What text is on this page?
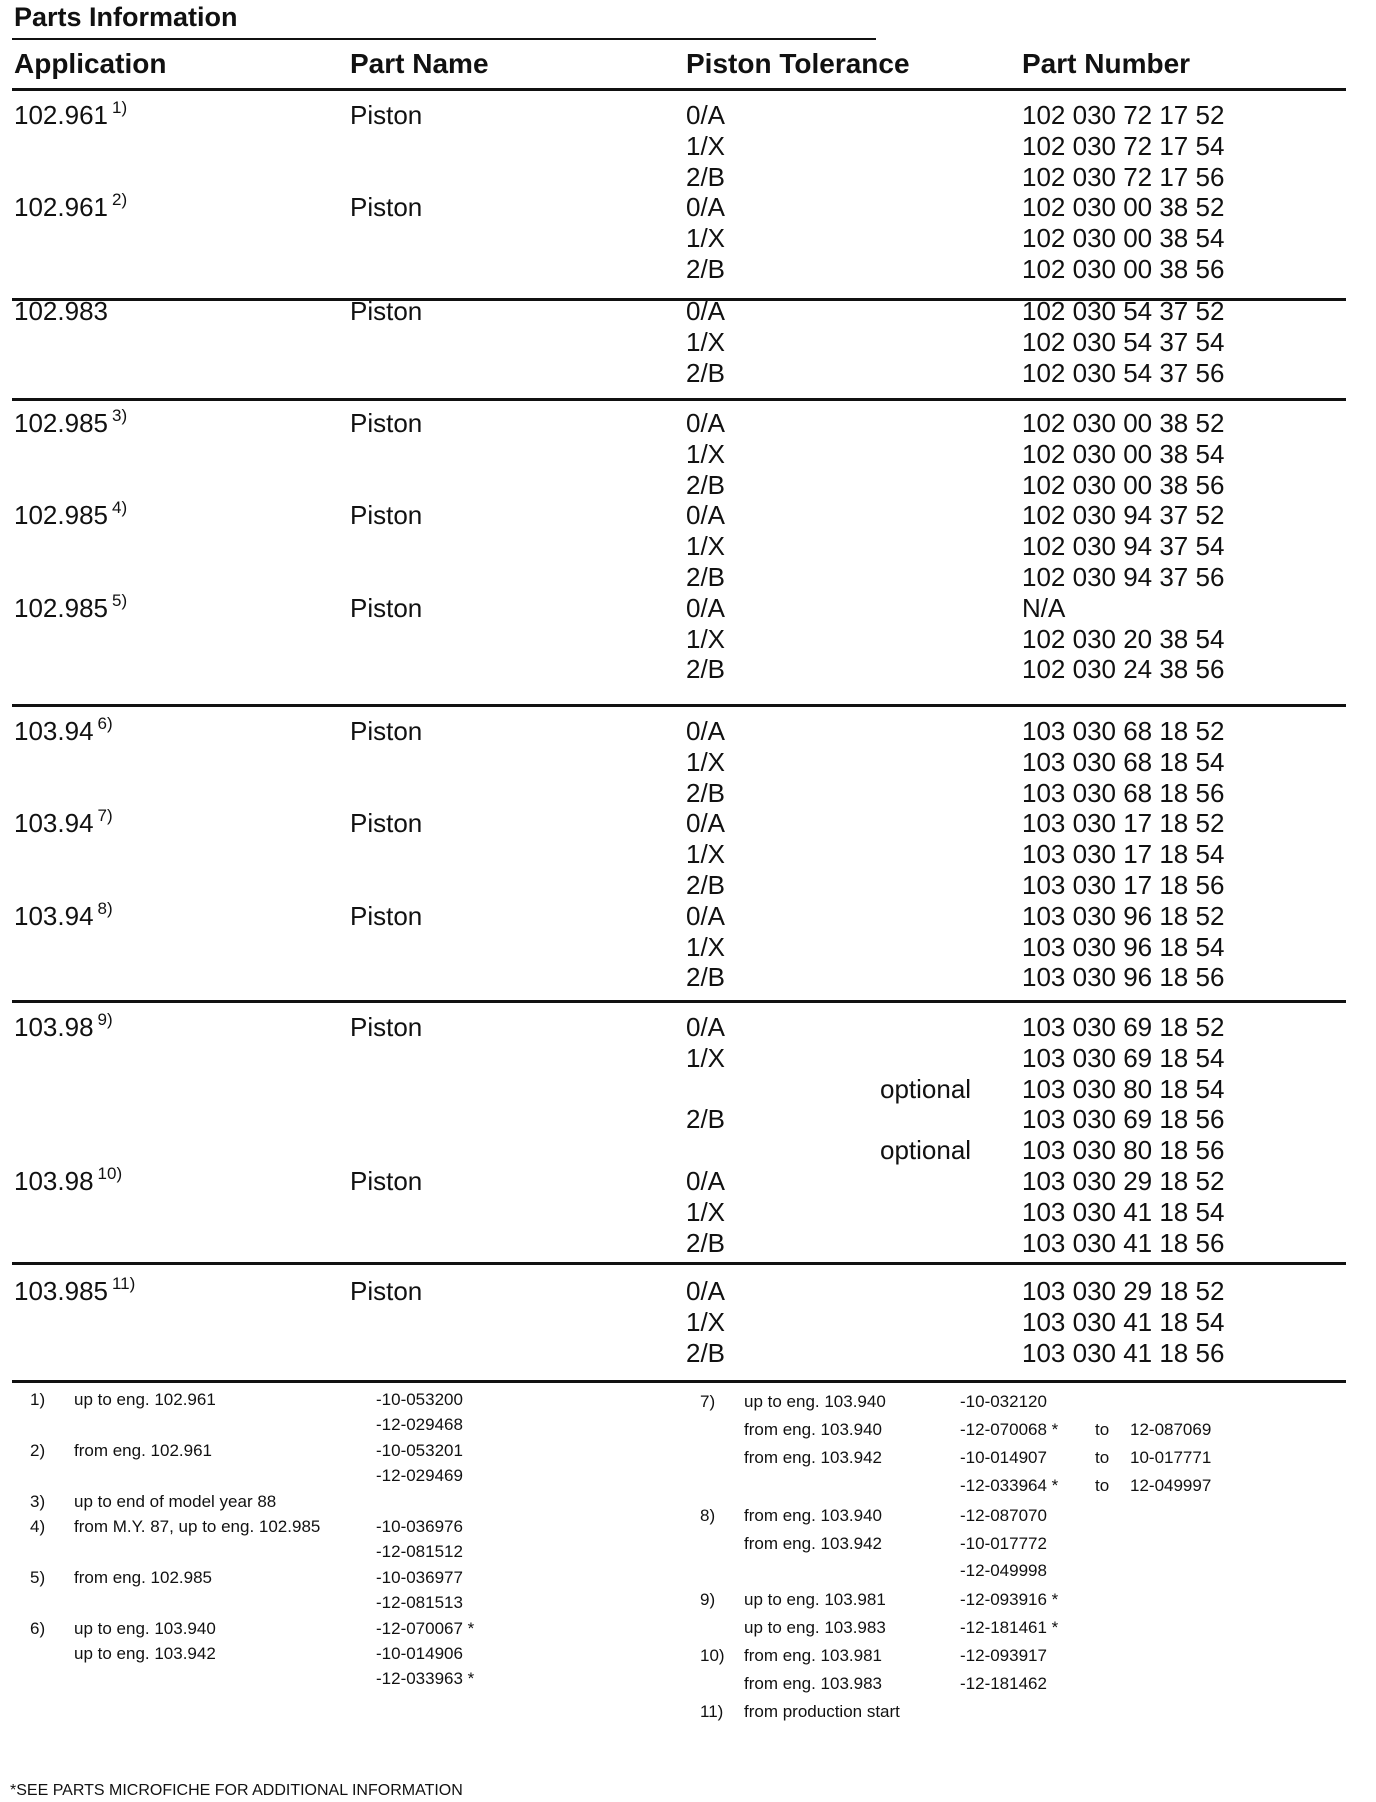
Parts Information
Application	Part Name	Piston Tolerance	Part Number
102.961 $^{1)}$	Piston	0/A	102 030 72 17 52
1/X	102 030 72 17 54
2/B	102 030 72 17 56
102.961 $^{2)}$	Piston	0/A	102 030 00 38 52
1/X	102 030 00 38 54
2/B	102 030 00 38 56
102.983	Piston	0/A	102 030 54 37 52
1/X	102 030 54 37 54
2/B	102 030 54 37 56
102.985 $^{3)}$	Piston	0/A	102 030 00 38 52
1/X	102 030 00 38 54
2/B	102 030 00 38 56
102.985 $^{4)}$	Piston	0/A	102 030 94 37 52
1/X	102 030 94 37 54
2/B	102 030 94 37 56
102.985 $^{5)}$	Piston	0/A	N/A
1/X	102 030 20 38 54
2/B	102 030 24 38 56
103.94 $^{6)}$	Piston	0/A	103 030 68 18 52
1/X	103 030 68 18 54
2/B	103 030 68 18 56
103.94 $^{7)}$	Piston	0/A	103 030 17 18 52
1/X	103 030 17 18 54
2/B	103 030 17 18 56
103.94 $^{8)}$	Piston	0/A	103 030 96 18 52
1/X	103 030 96 18 54
2/B	103 030 96 18 56
103.98 $^{9)}$	Piston	0/A	103 030 69 18 52
1/X	103 030 69 18 54
optional 103 030 80 18 54
2/B	103 030 69 18 56
optional 103 030 80 18 56
103.98 $^{10)}$	Piston	0/A	103 030 29 18 52
1/X	103 030 41 18 54
2/B	103 030 41 18 56
103.985 $^{11)}$	Piston	0/A	103 030 29 18 52
1/X	103 030 41 18 54
2/B	103 030 41 18 56
1) up to eng. 102.961	-10-053200
-12-029468
2) from eng. 102.961	-10-053201
-12-029469
3) up to end of model year 88
4) from M.Y. 87, up to eng. 102.985	-10-036976
-12-081512
5) from eng. 102.985	-10-036977
-12-081513
6) up to eng. 103.940	-12-070067 *
up to eng. 103.942	-10-014906
-12-033963 *
7) up to eng. 103.940	-10-032120
from eng. 103.940	-12-070068 * to 12-087069
from eng. 103.942	-10-014907	to 10-017771
-12-033964 * to 12-049997
8) from eng. 103.940	-12-087070
from eng. 103.942	-10-017772
-12-049998
9) up to eng. 103.981	-12-093916 *
up to eng. 103.983	-12-181461 *
10) from eng. 103.981	-12-093917
from eng. 103.983	-12-181462
11) from production start
*SEE PARTS MICROFICHE FOR ADDITIONAL INFORMATION
